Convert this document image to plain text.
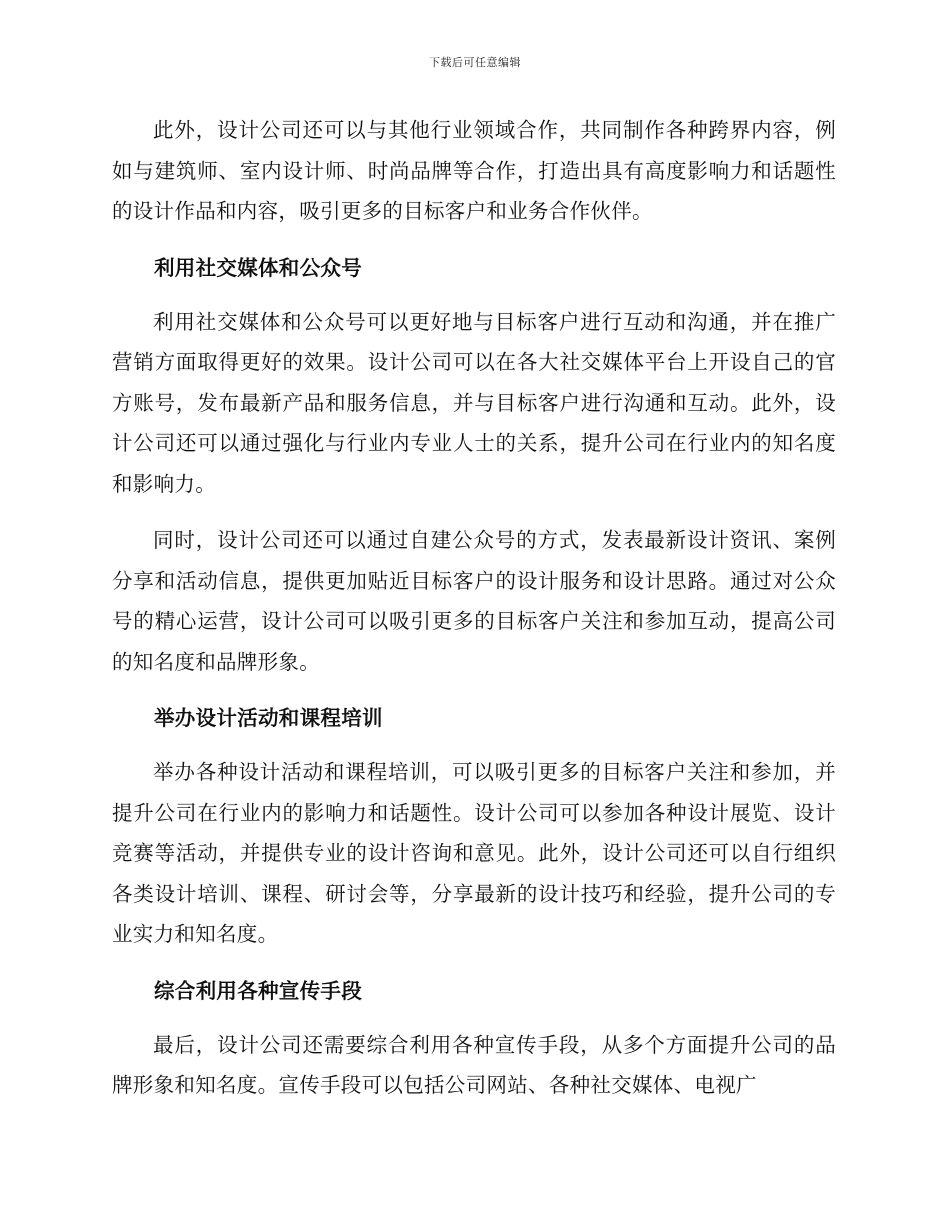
下载后可任意编辑

此外，设计公司还可以与其他行业领域合作，共同制作各种跨界内容，例如与建筑师、室内设计师、时尚品牌等合作，打造出具有高度影响力和话题性的设计作品和内容，吸引更多的目标客户和业务合作伙伴。

利用社交媒体和公众号

利用社交媒体和公众号可以更好地与目标客户进行互动和沟通，并在推广营销方面取得更好的效果。设计公司可以在各大社交媒体平台上开设自己的官方账号，发布最新产品和服务信息，并与目标客户进行沟通和互动。此外，设计公司还可以通过强化与行业内专业人士的关系，提升公司在行业内的知名度和影响力。

同时，设计公司还可以通过自建公众号的方式，发表最新设计资讯、案例分享和活动信息，提供更加贴近目标客户的设计服务和设计思路。通过对公众号的精心运营，设计公司可以吸引更多的目标客户关注和参加互动，提高公司的知名度和品牌形象。

举办设计活动和课程培训

举办各种设计活动和课程培训，可以吸引更多的目标客户关注和参加，并提升公司在行业内的影响力和话题性。设计公司可以参加各种设计展览、设计竞赛等活动，并提供专业的设计咨询和意见。此外，设计公司还可以自行组织各类设计培训、课程、研讨会等，分享最新的设计技巧和经验，提升公司的专业实力和知名度。

综合利用各种宣传手段

最后，设计公司还需要综合利用各种宣传手段，从多个方面提升公司的品牌形象和知名度。宣传手段可以包括公司网站、各种社交媒体、电视广
